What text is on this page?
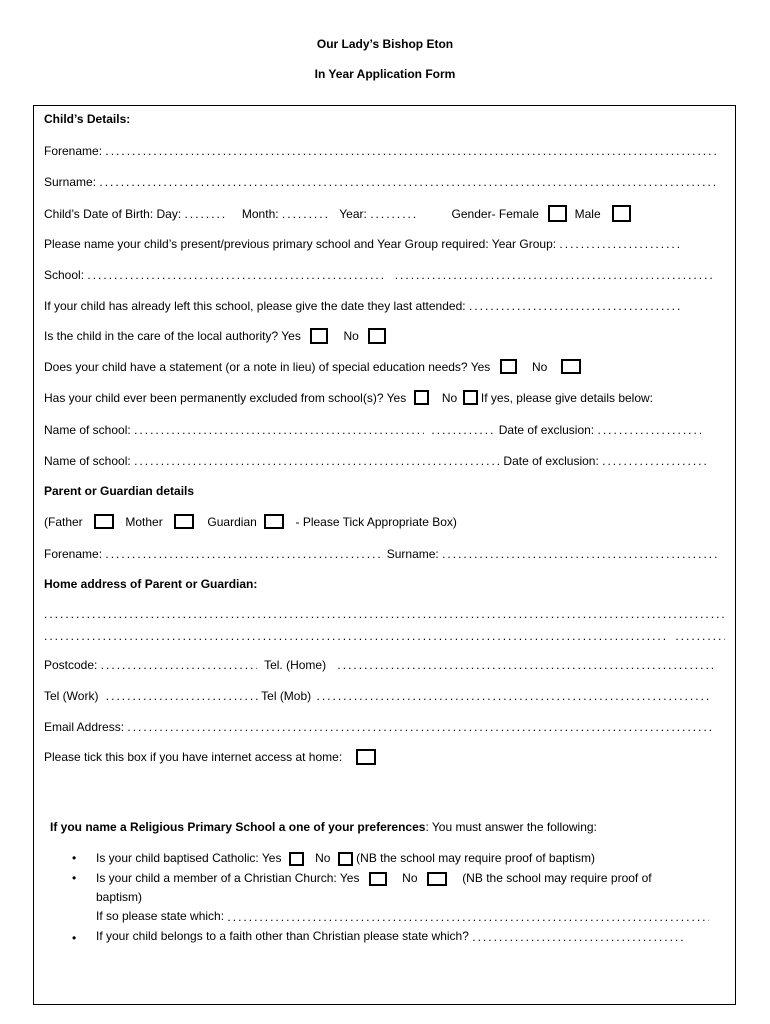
Our Lady’s Bishop Eton
In Year Application Form
Child’s Details:
Forename: .....
Surname: .....
Child’s Date of Birth: Day: .....	Month: .....	Year: .....	Gender- Female	Male
Please name your child’s present/previous primary school and Year Group required: Year Group: .....
School: ..... .....
If your child has already left this school, please give the date they last attended: .....
Is the child in the care of the local authority? Yes	No
Does your child have a statement (or a note in lieu) of special education needs? Yes	No
Has your child ever been permanently excluded from school(s)? Yes	No If yes, please give details below:
Name of school: ..... .....	Date of exclusion: .....
Name of school: .....	Date of exclusion: .....
Parent or Guardian details
(Father	Mother	Guardian	- Please Tick Appropriate Box)
Forename: .....	Surname: .....
Home address of Parent or Guardian:
.....
..... .....
Postcode: .....	Tel. (Home) .....
Tel (Work) .....	Tel (Mob) .....
Email Address: .....
Please tick this box if you have internet access at home:
If you name a Religious Primary School a one of your preferences: You must answer the following:
• Is your child baptised Catholic: Yes	No (NB the school may require proof of baptism)
• Is your child a member of a Christian Church: Yes	No	(NB the school may require proof of
baptism)
If so please state which: .....
• If your child belongs to a faith other than Christian please state which? .....
